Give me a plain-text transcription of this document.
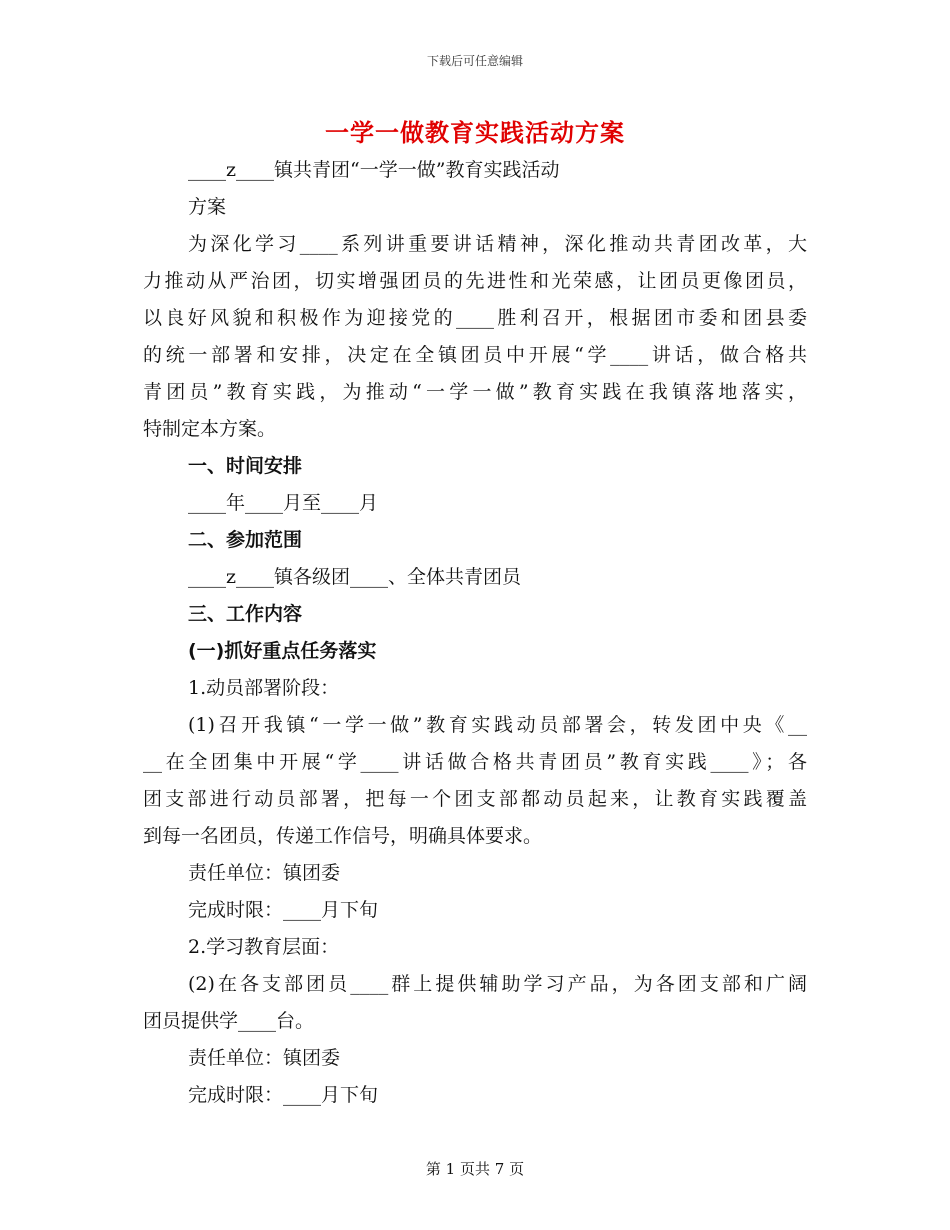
下载后可任意编辑
一学一做教育实践活动方案
____z____镇共青团“一学一做”教育实践活动
方案
为深化学习____系列讲重要讲话精神，深化推动共青团改革，大
力推动从严治团，切实增强团员的先进性和光荣感，让团员更像团员，
以良好风貌和积极作为迎接党的____胜利召开，根据团市委和团县委
的统一部署和安排，决定在全镇团员中开展“学____讲话，做合格共
青团员”教育实践，为推动“一学一做”教育实践在我镇落地落实，
特制定本方案。
一、时间安排
____年____月至____月
二、参加范围
____z____镇各级团____、全体共青团员
三、工作内容
(一)抓好重点任务落实
1.动员部署阶段：
(1)召开我镇“一学一做”教育实践动员部署会，转发团中央《__
__在全团集中开展“学____讲话做合格共青团员”教育实践____》；各
团支部进行动员部署，把每一个团支部都动员起来，让教育实践覆盖
到每一名团员，传递工作信号，明确具体要求。
责任单位：镇团委
完成时限：____月下旬
2.学习教育层面：
(2)在各支部团员____群上提供辅助学习产品，为各团支部和广阔
团员提供学____台。
责任单位：镇团委
完成时限：____月下旬
第 1 页共 7 页
